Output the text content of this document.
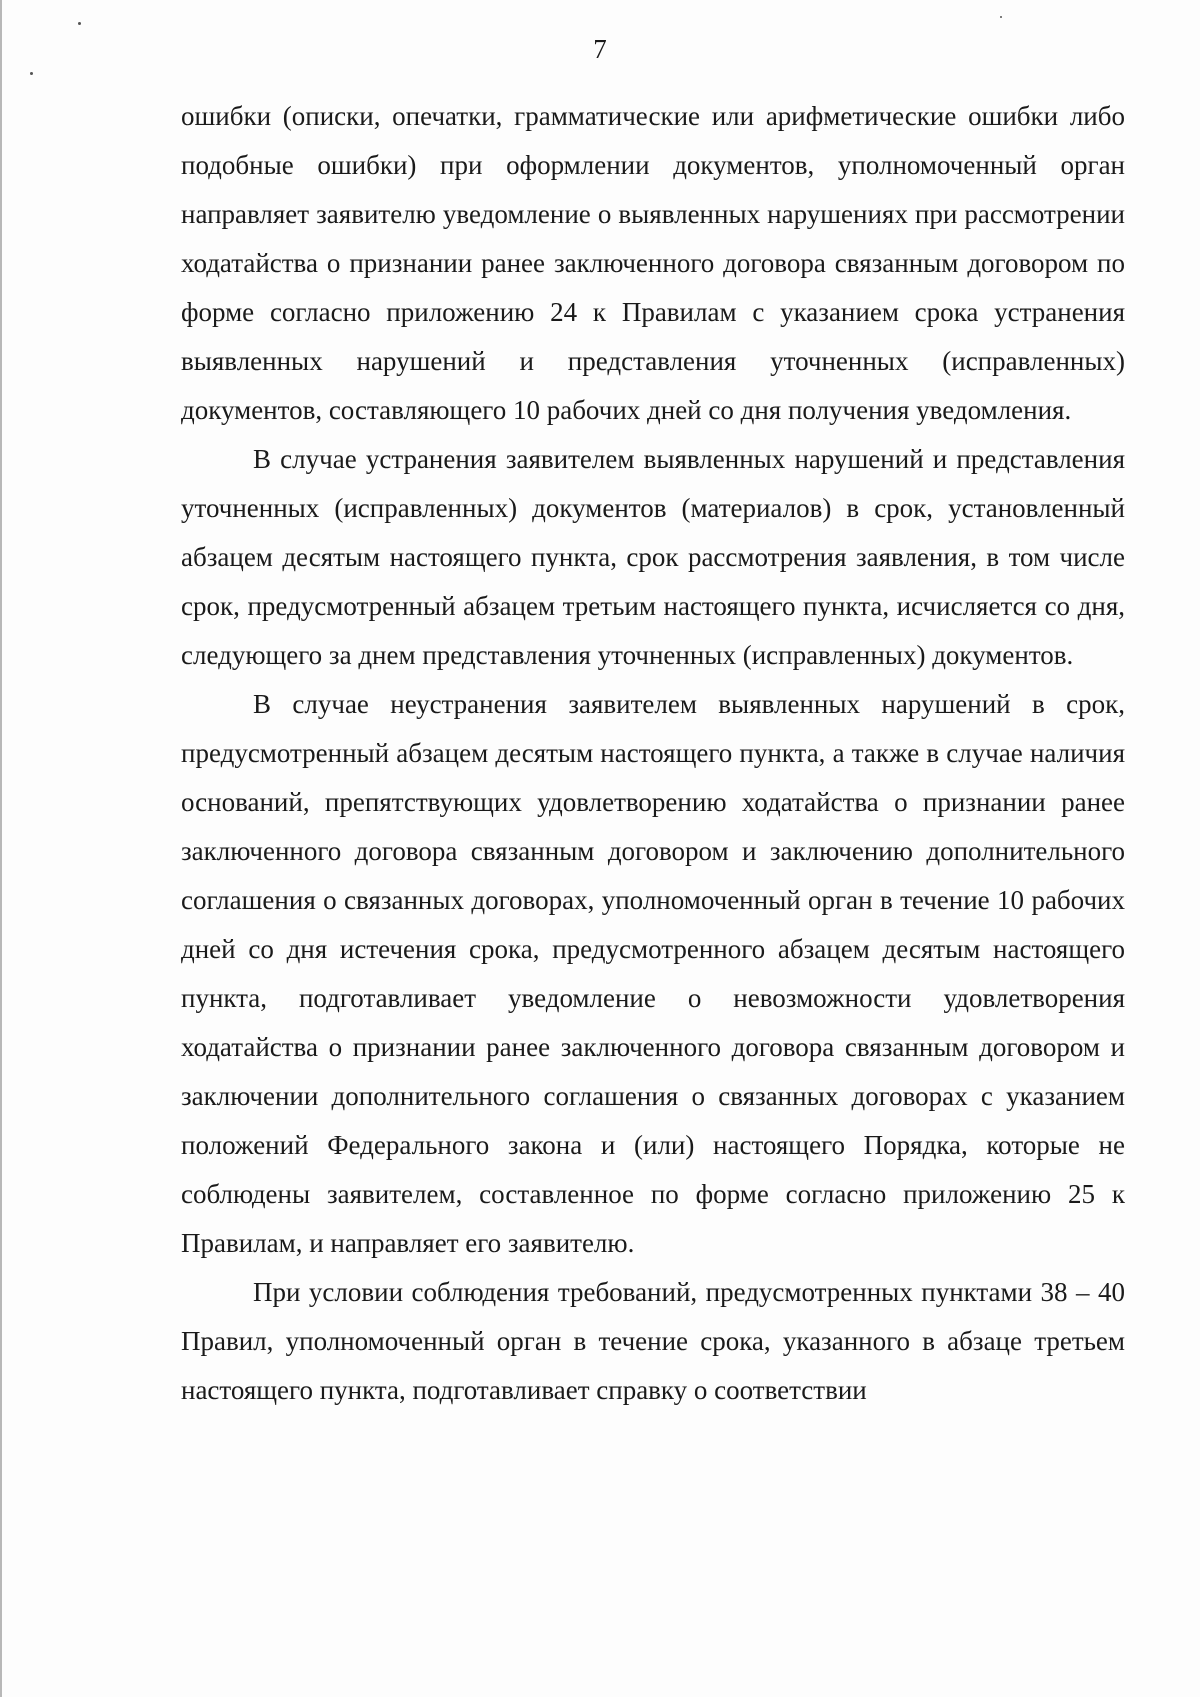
7

ошибки (описки, опечатки, грамматические или арифметические ошибки либо подобные ошибки) при оформлении документов, уполномоченный орган направляет заявителю уведомление о выявленных нарушениях при рассмотрении ходатайства о признании ранее заключенного договора связанным договором по форме согласно приложению 24 к Правилам с указанием срока устранения выявленных нарушений и представления уточненных (исправленных) документов, составляющего 10 рабочих дней со дня получения уведомления.

В случае устранения заявителем выявленных нарушений и представления уточненных (исправленных) документов (материалов) в срок, установленный абзацем десятым настоящего пункта, срок рассмотрения заявления, в том числе срок, предусмотренный абзацем третьим настоящего пункта, исчисляется со дня, следующего за днем представления уточненных (исправленных) документов.

В случае неустранения заявителем выявленных нарушений в срок, предусмотренный абзацем десятым настоящего пункта, а также в случае наличия оснований, препятствующих удовлетворению ходатайства о признании ранее заключенного договора связанным договором и заключению дополнительного соглашения о связанных договорах, уполномоченный орган в течение 10 рабочих дней со дня истечения срока, предусмотренного абзацем десятым настоящего пункта, подготавливает уведомление о невозможности удовлетворения ходатайства о признании ранее заключенного договора связанным договором и заключении дополнительного соглашения о связанных договорах с указанием положений Федерального закона и (или) настоящего Порядка, которые не соблюдены заявителем, составленное по форме согласно приложению 25 к Правилам, и направляет его заявителю.

При условии соблюдения требований, предусмотренных пунктами 38 – 40 Правил, уполномоченный орган в течение срока, указанного в абзаце третьем настоящего пункта, подготавливает справку о соответствии
